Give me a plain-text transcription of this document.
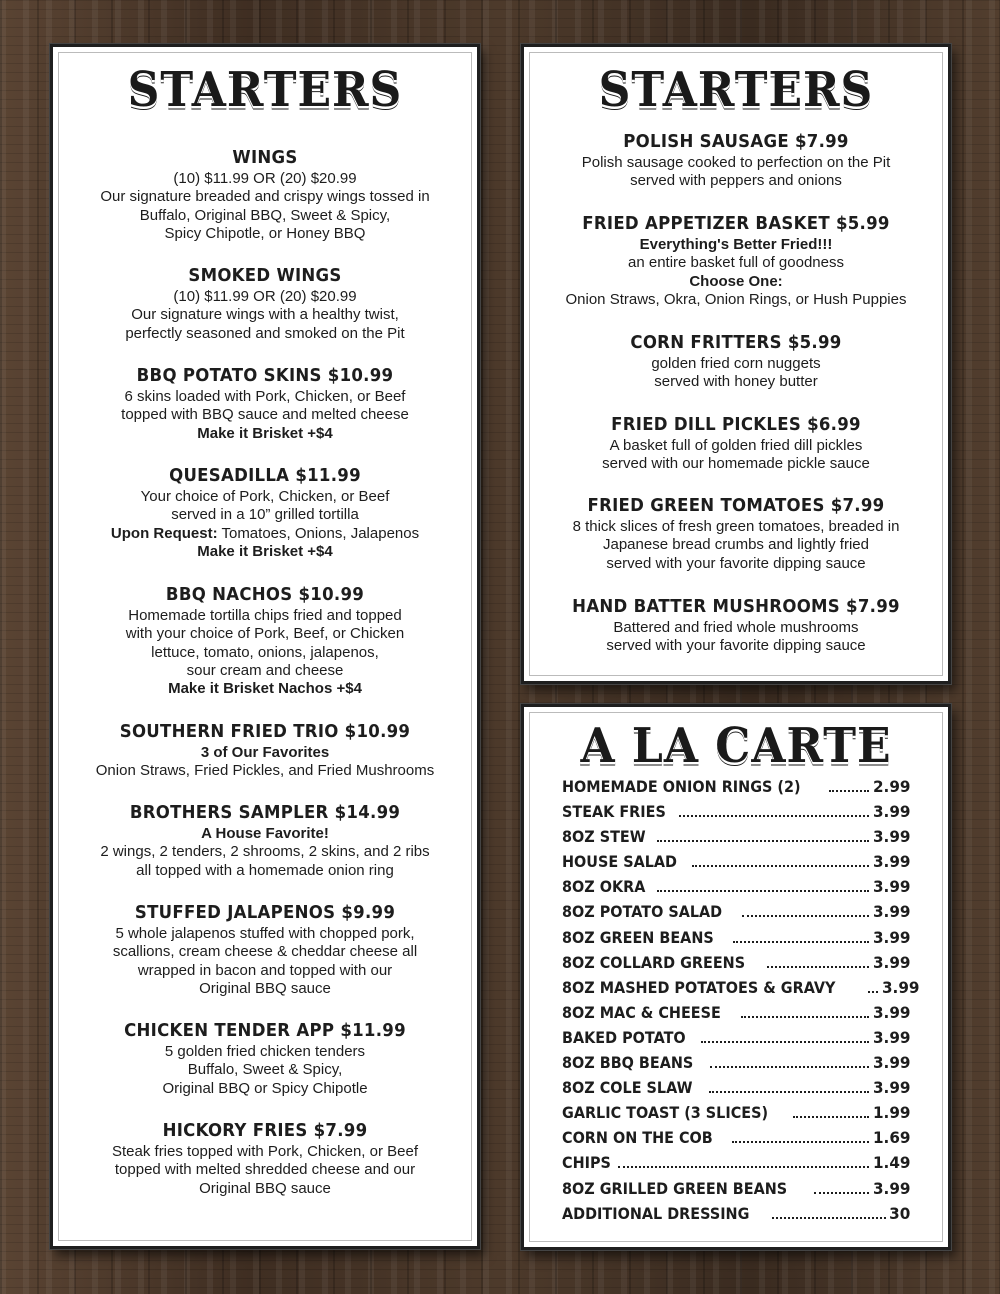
STARTERS
WINGS
(10) $11.99 OR (20) $20.99
Our signature breaded and crispy wings tossed in
Buffalo, Original BBQ, Sweet & Spicy,
Spicy Chipotle, or Honey BBQ
SMOKED WINGS
(10) $11.99 OR (20) $20.99
Our signature wings with a healthy twist,
perfectly seasoned and smoked on the Pit
BBQ POTATO SKINS $10.99
6 skins loaded with Pork, Chicken, or Beef
topped with BBQ sauce and melted cheese
Make it Brisket +$4
QUESADILLA $11.99
Your choice of Pork, Chicken, or Beef
served in a 10” grilled tortilla
Upon Request: Tomatoes, Onions, Jalapenos
Make it Brisket +$4
BBQ NACHOS $10.99
Homemade tortilla chips fried and topped
with your choice of Pork, Beef, or Chicken
lettuce, tomato, onions, jalapenos,
sour cream and cheese
Make it Brisket Nachos +$4
SOUTHERN FRIED TRIO $10.99
3 of Our Favorites
Onion Straws, Fried Pickles, and Fried Mushrooms
BROTHERS SAMPLER $14.99
A House Favorite!
2 wings, 2 tenders, 2 shrooms, 2 skins, and 2 ribs
all topped with a homemade onion ring
STUFFED JALAPENOS $9.99
5 whole jalapenos stuffed with chopped pork,
scallions, cream cheese & cheddar cheese all
wrapped in bacon and topped with our
Original BBQ sauce
CHICKEN TENDER APP $11.99
5 golden fried chicken tenders
Buffalo, Sweet & Spicy,
Original BBQ or Spicy Chipotle
HICKORY FRIES $7.99
Steak fries topped with Pork, Chicken, or Beef
topped with melted shredded cheese and our
Original BBQ sauce
STARTERS
POLISH SAUSAGE $7.99
Polish sausage cooked to perfection on the Pit
served with peppers and onions
FRIED APPETIZER BASKET $5.99
Everything's Better Fried!!!
an entire basket full of goodness
Choose One:
Onion Straws, Okra, Onion Rings, or Hush Puppies
CORN FRITTERS $5.99
golden fried corn nuggets
served with honey butter
FRIED DILL PICKLES $6.99
A basket full of golden fried dill pickles
served with our homemade pickle sauce
FRIED GREEN TOMATOES $7.99
8 thick slices of fresh green tomatoes, breaded in
Japanese bread crumbs and lightly fried
served with your favorite dipping sauce
HAND BATTER MUSHROOMS $7.99
Battered and fried whole mushrooms
served with your favorite dipping sauce
A LA CARTE
HOMEMADE ONION RINGS (2)	2.99
STEAK FRIES	3.99
8OZ STEW	3.99
HOUSE SALAD	3.99
8OZ OKRA	3.99
8OZ POTATO SALAD	3.99
8OZ GREEN BEANS	3.99
8OZ COLLARD GREENS	3.99
8OZ MASHED POTATOES & GRAVY	3.99
8OZ MAC & CHEESE	3.99
BAKED POTATO	3.99
8OZ BBQ BEANS	3.99
8OZ COLE SLAW	3.99
GARLIC TOAST (3 SLICES)	1.99
CORN ON THE COB	1.69
CHIPS	1.49
8OZ GRILLED GREEN BEANS	3.99
ADDITIONAL DRESSING	30
